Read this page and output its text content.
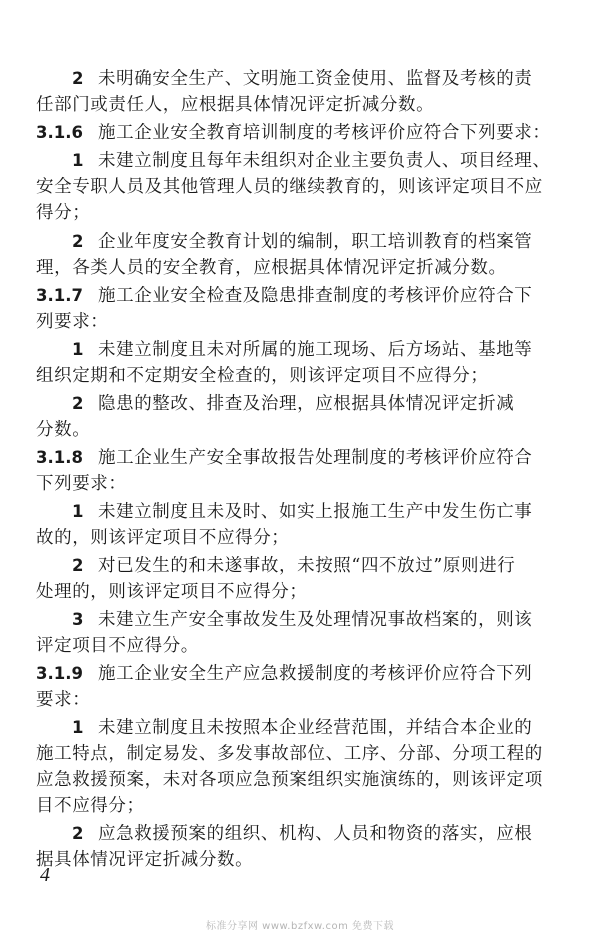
2 未明确安全生产、文明施工资金使用、监督及考核的责
任部门或责任人，应根据具体情况评定折减分数。
3.1.6 施工企业安全教育培训制度的考核评价应符合下列要求：
1 未建立制度且每年未组织对企业主要负责人、项目经理、
安全专职人员及其他管理人员的继续教育的，则该评定项目不应
得分；
2 企业年度安全教育计划的编制，职工培训教育的档案管
理，各类人员的安全教育，应根据具体情况评定折减分数。
3.1.7 施工企业安全检查及隐患排查制度的考核评价应符合下
列要求：
1 未建立制度且未对所属的施工现场、后方场站、基地等
组织定期和不定期安全检查的，则该评定项目不应得分；
2 隐患的整改、排查及治理，应根据具体情况评定折减
分数。
3.1.8 施工企业生产安全事故报告处理制度的考核评价应符合
下列要求：
1 未建立制度且未及时、如实上报施工生产中发生伤亡事
故的，则该评定项目不应得分；
2 对已发生的和未遂事故，未按照“四不放过”原则进行
处理的，则该评定项目不应得分；
3 未建立生产安全事故发生及处理情况事故档案的，则该
评定项目不应得分。
3.1.9 施工企业安全生产应急救援制度的考核评价应符合下列
要求：
1 未建立制度且未按照本企业经营范围，并结合本企业的
施工特点，制定易发、多发事故部位、工序、分部、分项工程的
应急救援预案，未对各项应急预案组织实施演练的，则该评定项
目不应得分；
2 应急救援预案的组织、机构、人员和物资的落实，应根
据具体情况评定折减分数。
4
标准分享网 www.bzfxw.com 免费下载
